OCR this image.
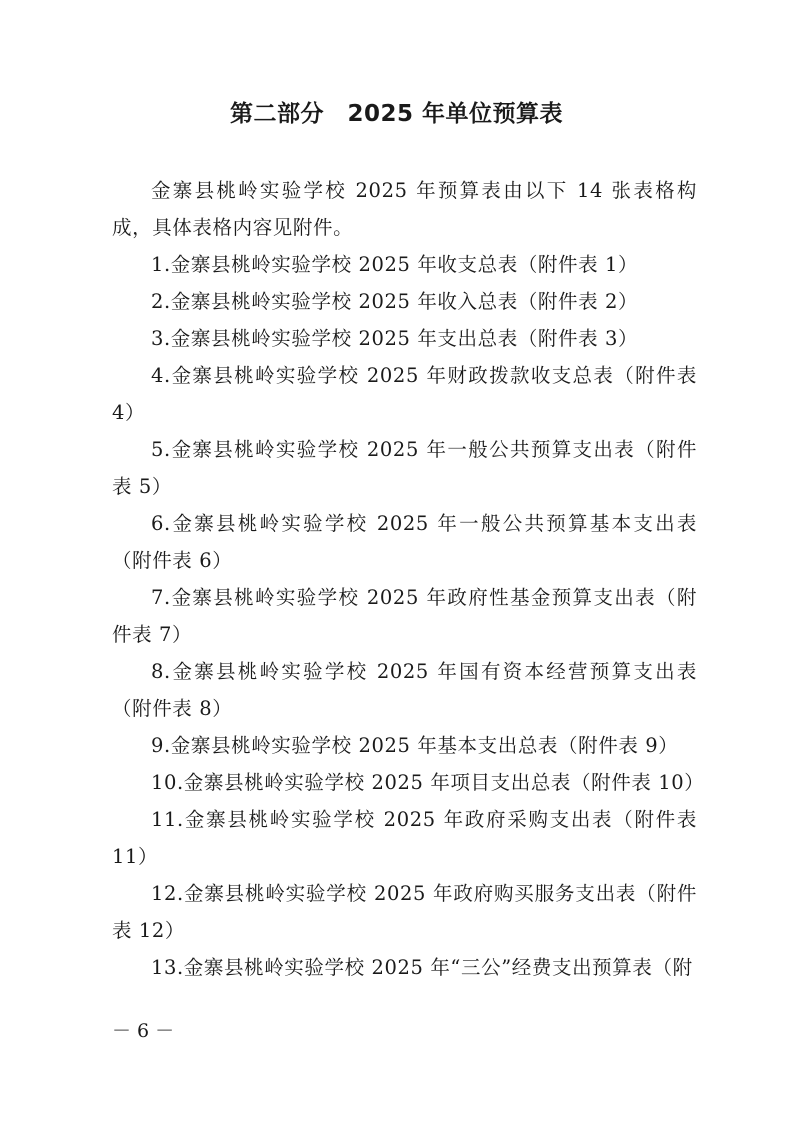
第二部分　2025 年单位预算表

金寨县桃岭实验学校 2025 年预算表由以下 14 张表格构成，具体表格内容见附件。

1.金寨县桃岭实验学校 2025 年收支总表（附件表 1）

2.金寨县桃岭实验学校 2025 年收入总表（附件表 2）

3.金寨县桃岭实验学校 2025 年支出总表（附件表 3）

4.金寨县桃岭实验学校 2025 年财政拨款收支总表（附件表 4）

5.金寨县桃岭实验学校 2025 年一般公共预算支出表（附件表 5）

6.金寨县桃岭实验学校 2025 年一般公共预算基本支出表（附件表 6）

7.金寨县桃岭实验学校 2025 年政府性基金预算支出表（附件表 7）

8.金寨县桃岭实验学校 2025 年国有资本经营预算支出表（附件表 8）

9.金寨县桃岭实验学校 2025 年基本支出总表（附件表 9）

10.金寨县桃岭实验学校 2025 年项目支出总表（附件表 10）

11.金寨县桃岭实验学校 2025 年政府采购支出表（附件表 11）

12.金寨县桃岭实验学校 2025 年政府购买服务支出表（附件表 12）

13.金寨县桃岭实验学校 2025 年“三公”经费支出预算表（附

－ 6 －
